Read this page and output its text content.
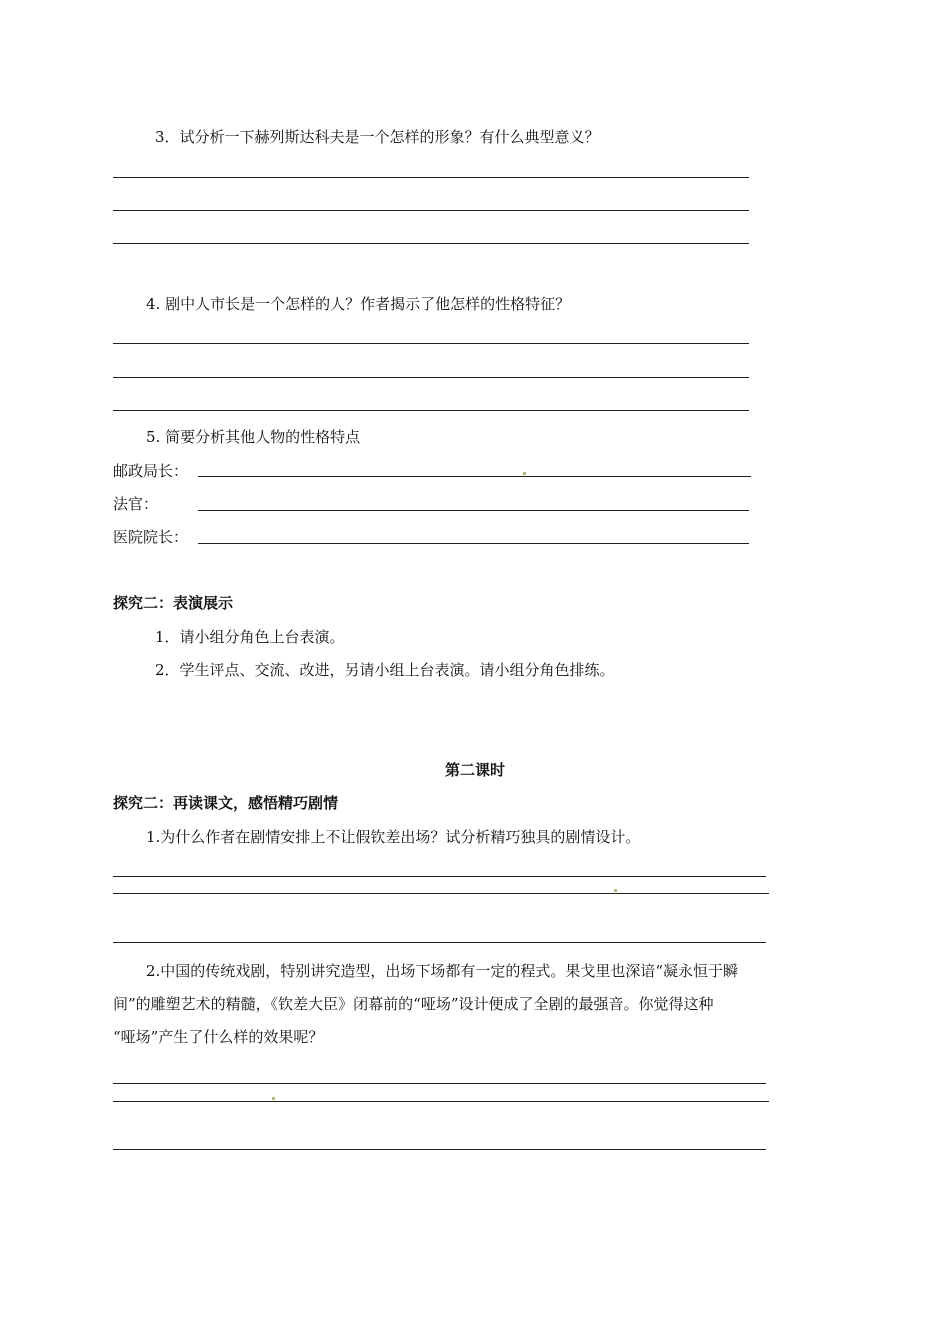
3．试分析一下赫列斯达科夫是一个怎样的形象？有什么典型意义？
4. 剧中人市长是一个怎样的人？作者揭示了他怎样的性格特征？
5. 简要分析其他人物的性格特点
邮政局长：
法官：
医院院长：
探究二：表演展示
1．请小组分角色上台表演。
2．学生评点、交流、改进，另请小组上台表演。请小组分角色排练。
第二课时
探究二：再读课文，感悟精巧剧情
1.为什么作者在剧情安排上不让假钦差出场？试分析精巧独具的剧情设计。
2.中国的传统戏剧，特别讲究造型，出场下场都有一定的程式。果戈里也深谙“凝永恒于瞬
间”的雕塑艺术的精髓，《钦差大臣》闭幕前的“哑场”设计便成了全剧的最强音。你觉得这种
“哑场”产生了什么样的效果呢？
